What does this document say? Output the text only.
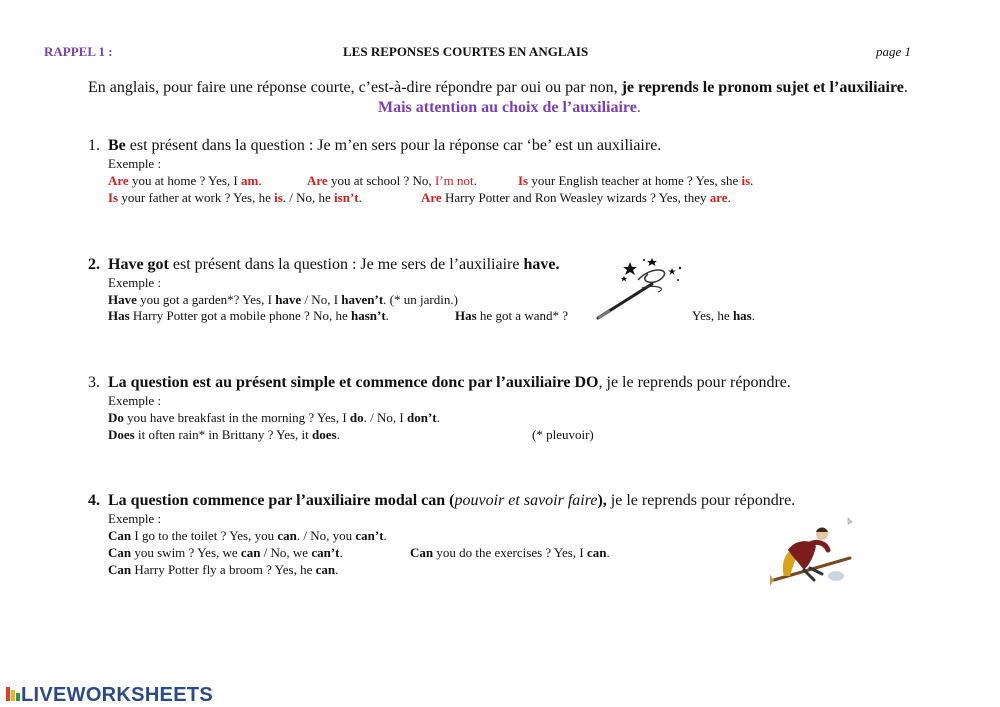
RAPPEL 1 :	LES REPONSES COURTES EN ANGLAIS	page 1
En anglais, pour faire une réponse courte, c’est-à-dire répondre par oui ou par non, je reprends le pronom sujet et l’auxiliaire.
Mais attention au choix de l’auxiliaire.
1. Be est présent dans la question : Je m’en sers pour la réponse car ‘be’ est un auxiliaire.
Exemple :
Are you at home ? Yes, I am.	Are you at school ? No, I’m not.	Is your English teacher at home ? Yes, she is.
Is your father at work ? Yes, he is. / No, he isn’t.	Are Harry Potter and Ron Weasley wizards ? Yes, they are.
2. Have got est présent dans la question : Je me sers de l’auxiliaire have.
Exemple :
Have you got a garden*? Yes, I have / No, I haven’t. (* un jardin.)
Has Harry Potter got a mobile phone ? No, he hasn’t.	Has he got a wand* ?	Yes, he has.
3. La question est au présent simple et commence donc par l’auxiliaire DO, je le reprends pour répondre.
Exemple :
Do you have breakfast in the morning ? Yes, I do. / No, I don’t.
Does it often rain* in Brittany ? Yes, it does.	(* pleuvoir)
4. La question commence par l’auxiliaire modal can (pouvoir et savoir faire), je le reprends pour répondre.
Exemple :
Can I go to the toilet ? Yes, you can. / No, you can’t.
Can you swim ? Yes, we can / No, we can’t.	Can you do the exercises ? Yes, I can.
Can Harry Potter fly a broom ? Yes, he can.
LIVEWORKSHEETS
